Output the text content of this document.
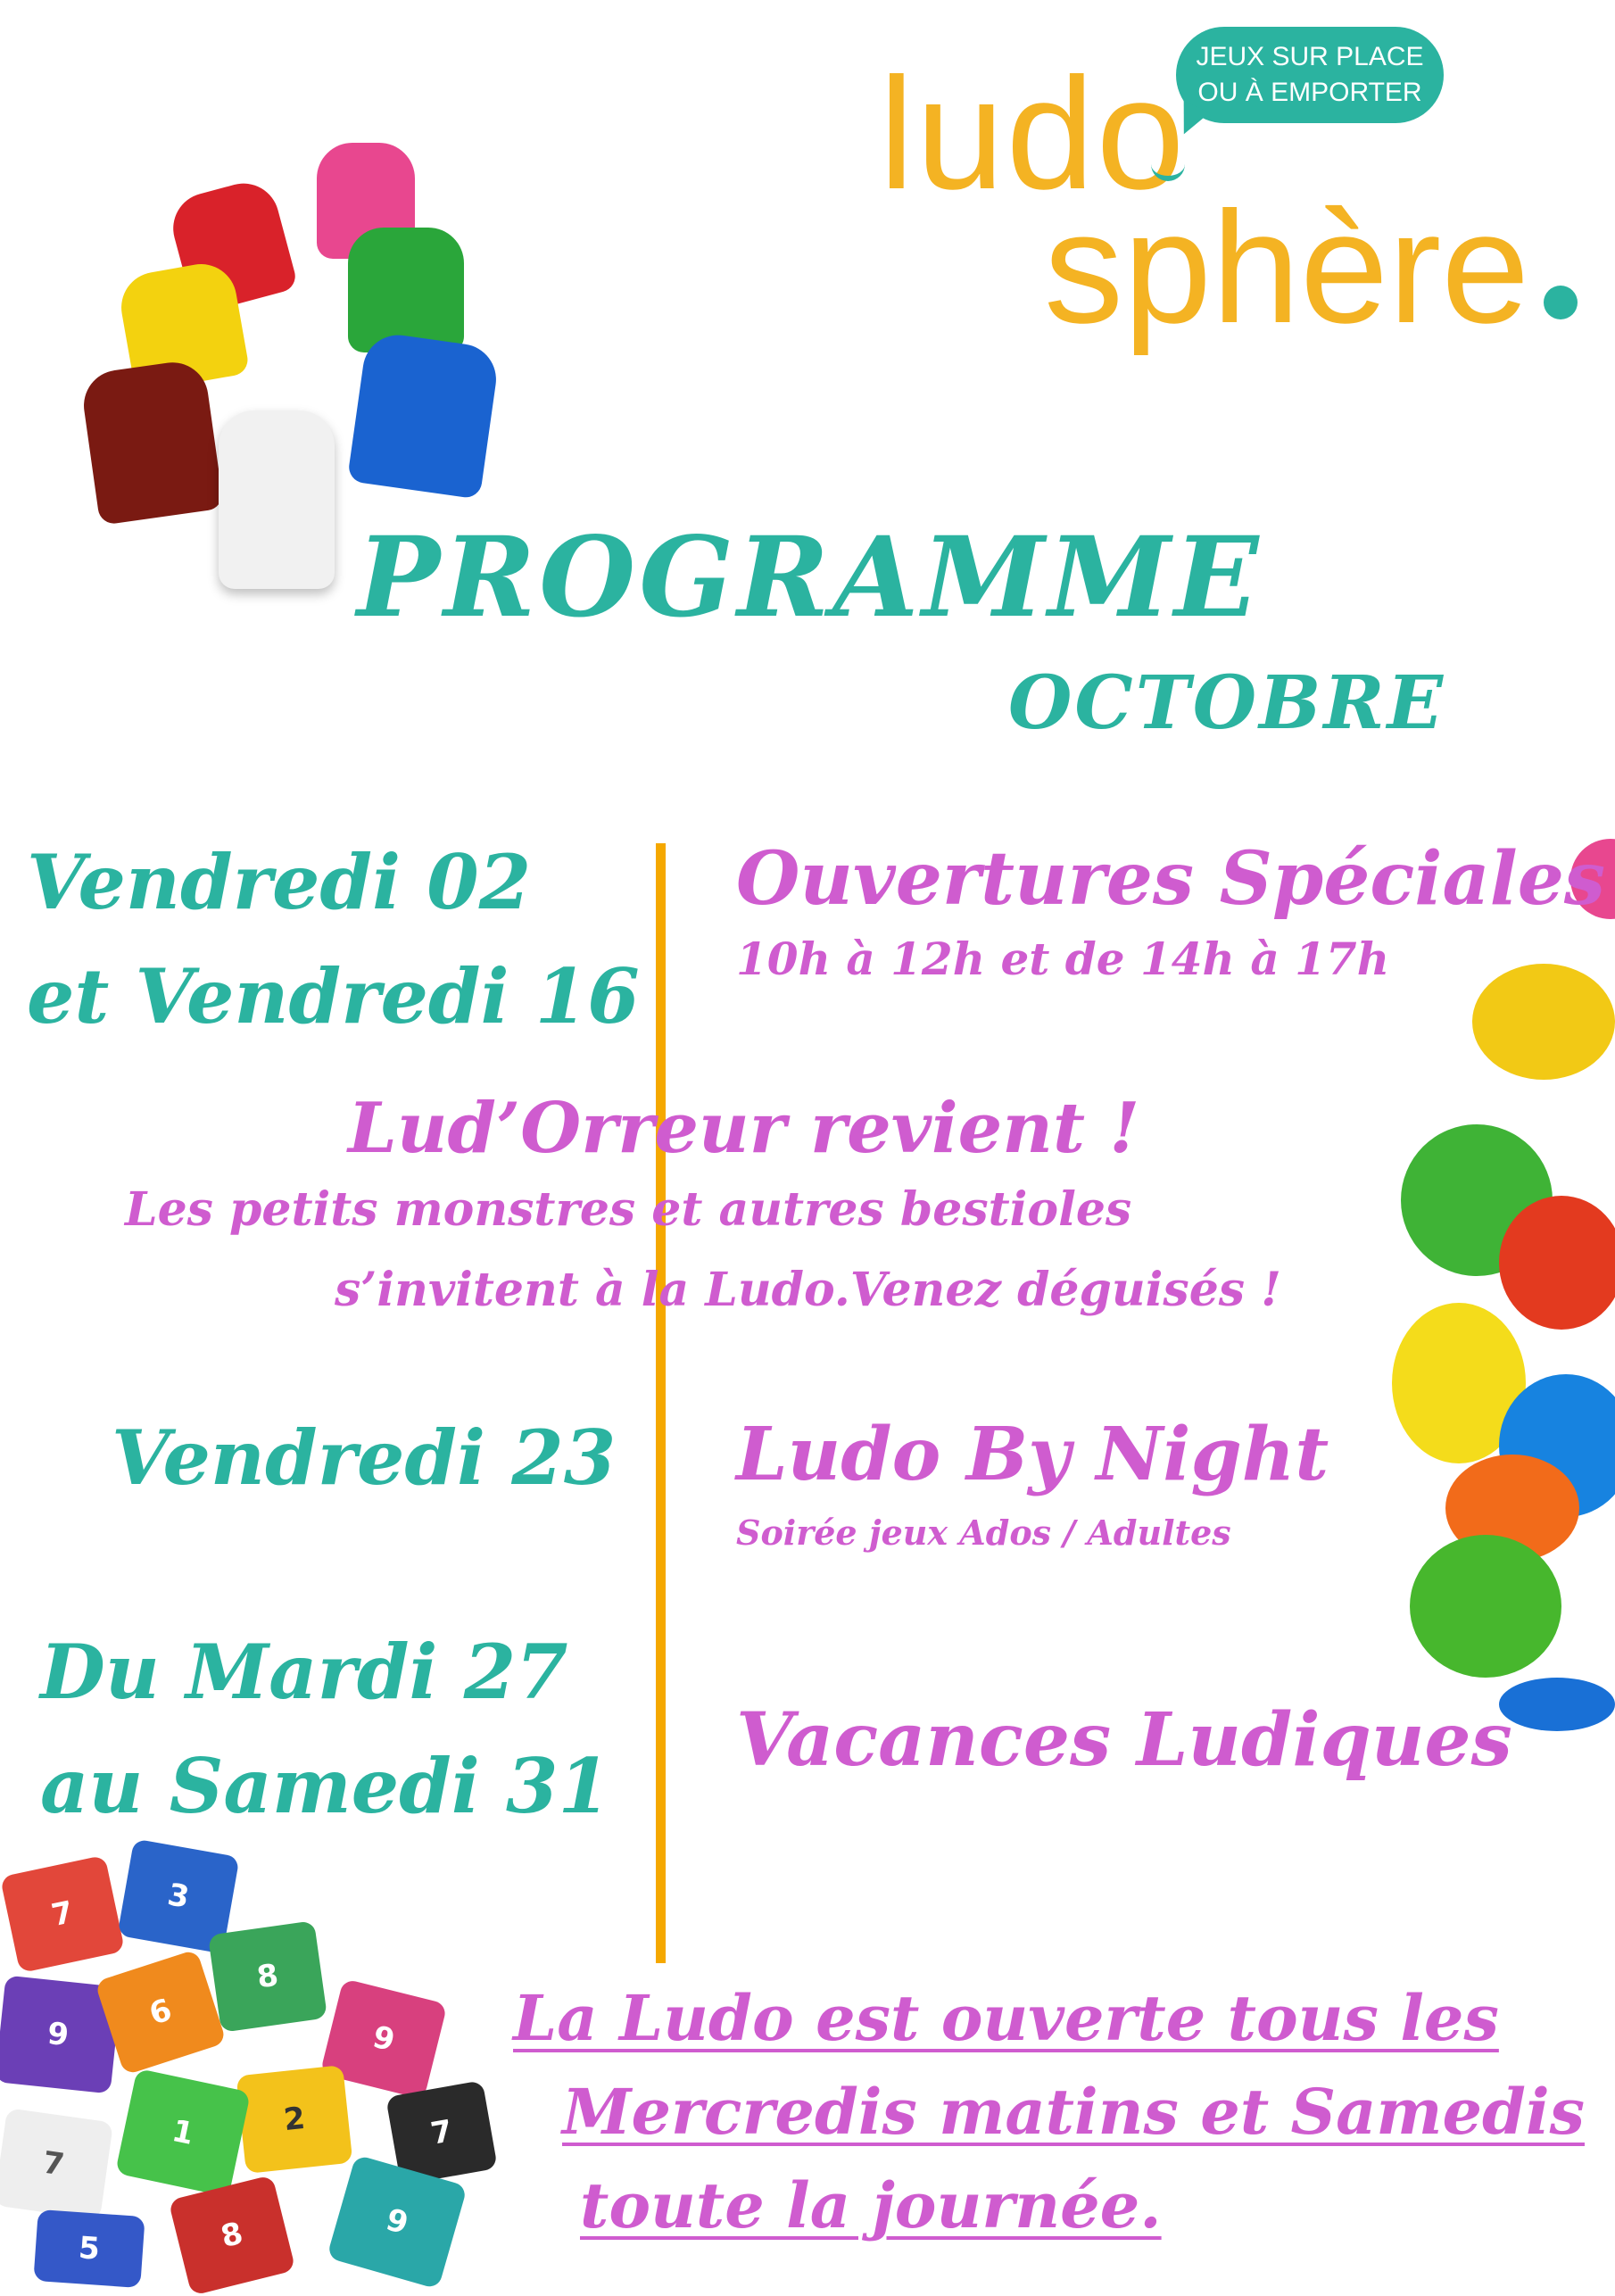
JEUX SUR PLACE
OU À EMPORTER
ludo
sphère
PROGRAMME
OCTOBRE
Vendredi 02
et Vendredi 16
Ouvertures Spéciales
10h à 12h et de 14h à 17h
Lud’Orreur revient !
Les petits monstres et autres bestioles
s’invitent à la Ludo.Venez déguisés !
Vendredi 23 Ludo By Night
Soirée jeux Ados / Adultes
Du Mardi 27
au Samedi 31
Vacances Ludiques
7	3
8
9
6
9
2
1	7
7
9
8
5
La Ludo est ouverte tous les
Mercredis matins et Samedis
toute la journée.
